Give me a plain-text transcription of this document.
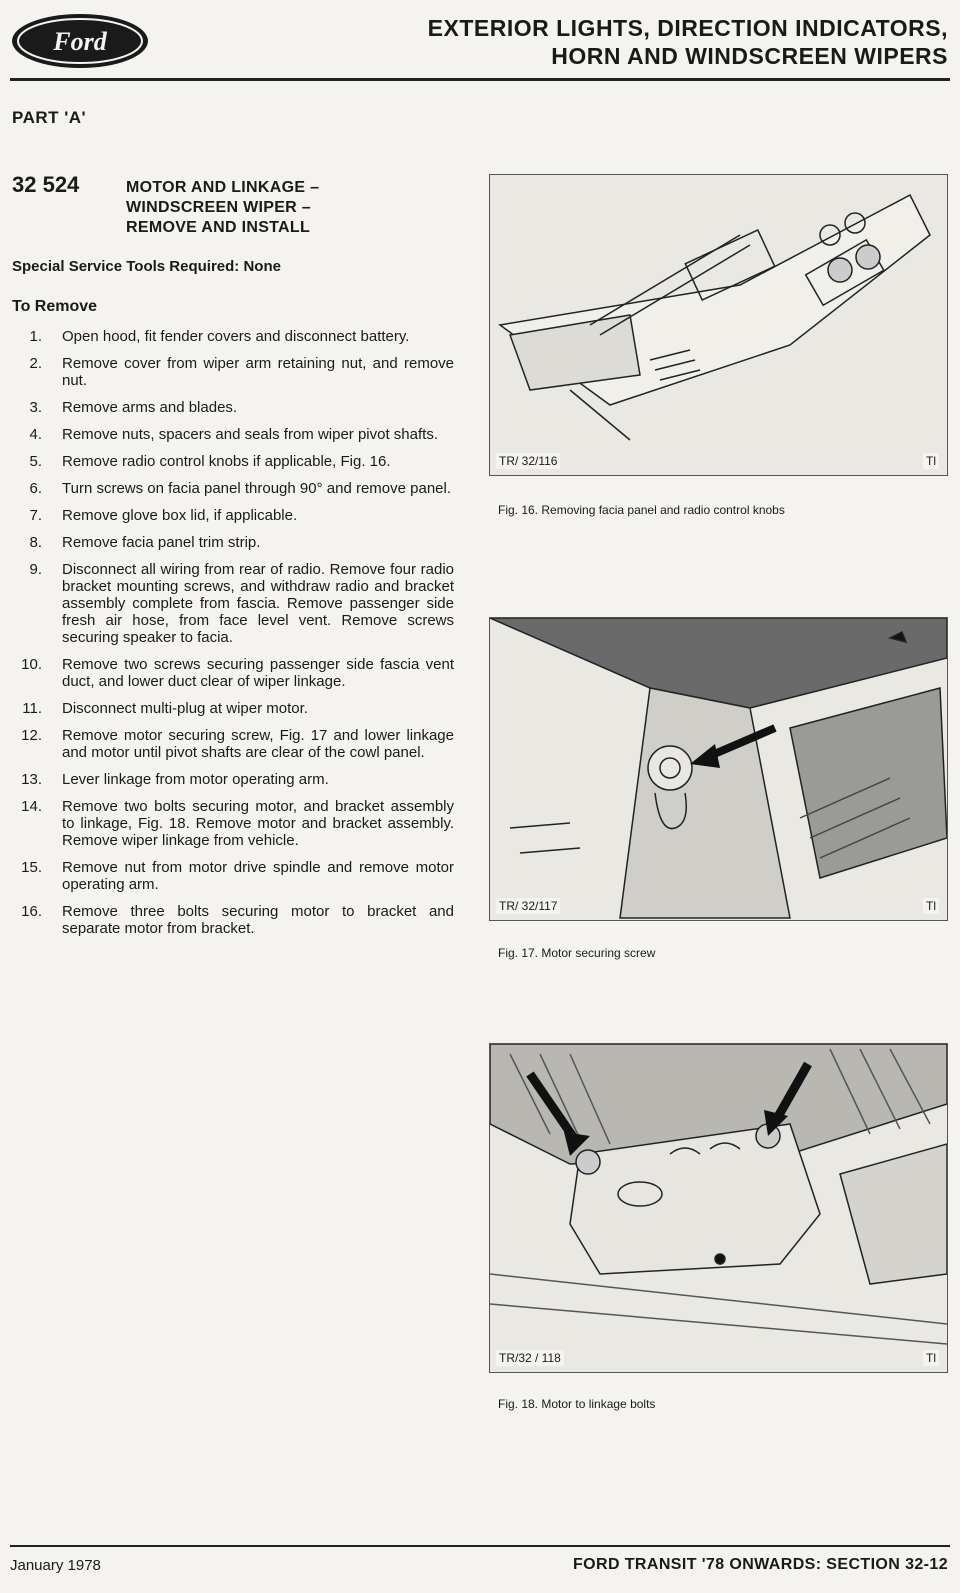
Ford	EXTERIOR LIGHTS, DIRECTION INDICATORS,
HORN AND WINDSCREEN WIPERS
PART 'A'
32 524	MOTOR AND LINKAGE –
WINDSCREEN WIPER –
REMOVE AND INSTALL
Special Service Tools Required: None
To Remove
1. Open hood, fit fender covers and disconnect battery.
2. Remove cover from wiper arm retaining nut, and remove nut.
3. Remove arms and blades.
4. Remove nuts, spacers and seals from wiper pivot shafts.
5. Remove radio control knobs if applicable, Fig. 16.
6. Turn screws on facia panel through 90° and remove panel.
7. Remove glove box lid, if applicable.
8. Remove facia panel trim strip.
9. Disconnect all wiring from rear of radio. Remove four radio bracket mounting screws, and withdraw radio and bracket assembly complete from fascia. Remove passenger side fresh air hose, from face level vent. Remove screws securing speaker to facia.
10. Remove two screws securing passenger side fascia vent duct, and lower duct clear of wiper linkage.
11. Disconnect multi-plug at wiper motor.
12. Remove motor securing screw, Fig. 17 and lower linkage and motor until pivot shafts are clear of the cowl panel.
13. Lever linkage from motor operating arm.
14. Remove two bolts securing motor, and bracket assembly to linkage, Fig. 18. Remove motor and bracket assembly. Remove wiper linkage from vehicle.
15. Remove nut from motor drive spindle and remove motor operating arm.
16. Remove three bolts securing motor to bracket and separate motor from bracket.
TR/ 32/116	Tl
Fig. 16. Removing facia panel and radio control knobs
TR/ 32/117	Tl
Fig. 17. Motor securing screw
TR/32 / 118	Tl
Fig. 18. Motor to linkage bolts
January 1978	FORD TRANSIT '78 ONWARDS: SECTION 32-12
